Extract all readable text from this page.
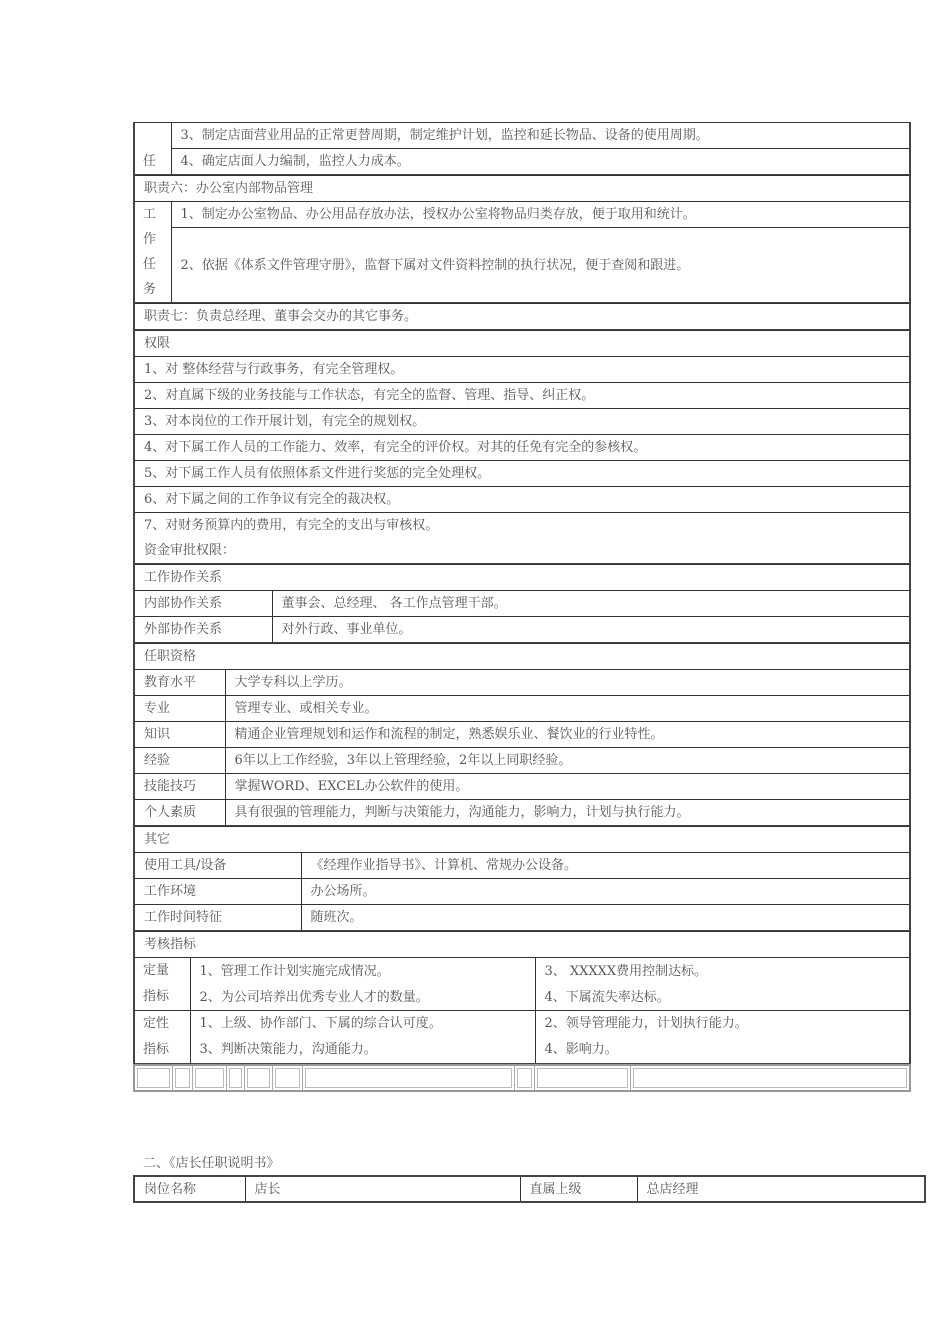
任	3、制定店面营业用品的正常更替周期，制定维护计划，监控和延长物品、设备的使用周期。
4、确定店面人力编制，监控人力成本。
职责六：办公室内部物品管理

工
作
任
务
	1、制定办公室物品、办公用品存放办法，授权办公室将物品归类存放，便于取用和统计。
2、依据《体系文件管理守册》，监督下属对文件资料控制的执行状况，便于查阅和跟进。
职责七：负责总经理、董事会交办的其它事务。
权限
1、对 整体经营与行政事务，有完全管理权。
2、对直属下级的业务技能与工作状态，有完全的监督、管理、指导、纠正权。
3、对本岗位的工作开展计划，有完全的规划权。
4、对下属工作人员的工作能力、效率，有完全的评价权。对其的任免有完全的参核权。
5、对下属工作人员有依照体系文件进行奖惩的完全处理权。
6、对下属之间的工作争议有完全的裁决权。

7、对财务预算内的费用，有完全的支出与审核权。
资金审批权限：
工作协作关系	
内部协作关系	董事会、总经理、 各工作点管理干部。
外部协作关系	对外行政、事业单位。
任职资格	
教育水平	大学专科以上学历。
专业	管理专业、或相关专业。
知识	精通企业管理规划和运作和流程的制定，熟悉娱乐业、餐饮业的行业特性。
经验	6年以上工作经验，3年以上管理经验，2年以上同职经验。
技能技巧	掌握WORD、EXCEL办公软件的使用。
个人素质	具有很强的管理能力，判断与决策能力，沟通能力，影响力，计划与执行能力。
其它	
使用工具/设备	《经理作业指导书》、计算机、常规办公设备。
工作环境	办公场所。
工作时间特征	随班次。
考核指标		

定量
指标	1、管理工作计划实施完成情况。	3、 XXXXX费用控制达标。
	2、为公司培养出优秀专业人才的数量。	4、下属流失率达标。

定性
指标	1、上级、协作部门、下属的综合认可度。	2、领导管理能力，计划执行能力。
	3、判断决策能力，沟通能力。	4、影响力。

二、《店长任职说明书》
岗位名称	店长	直属上级	总店经理
